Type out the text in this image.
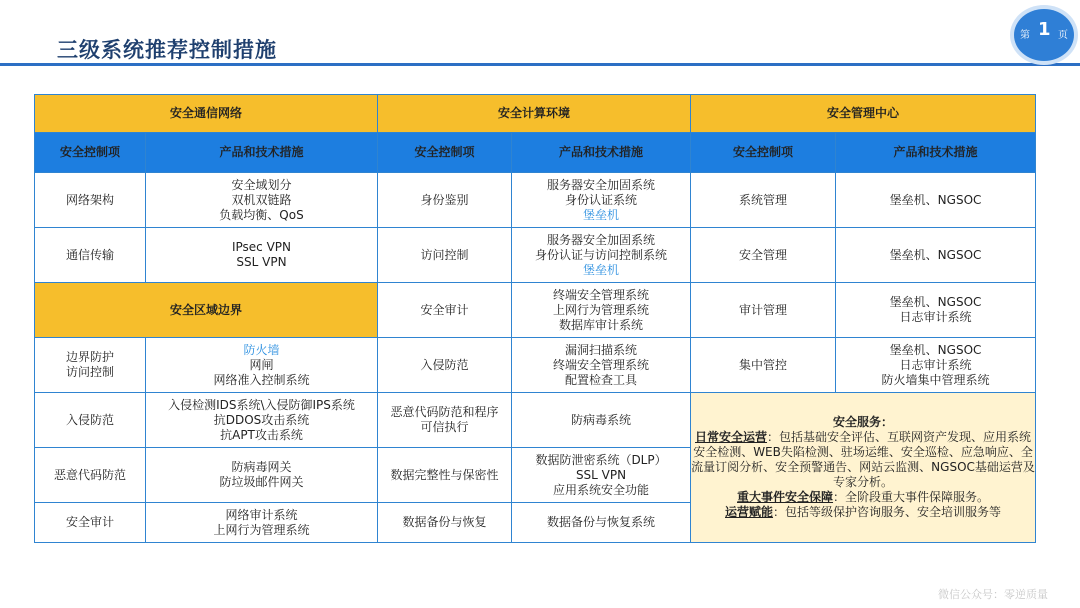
三级系统推荐控制措施
第 1 页
安全通信网络		安全计算环境		安全管理中心	
安全控制项	产品和技术措施	安全控制项	产品和技术措施	安全控制项	产品和技术措施
网络架构	安全域划分
双机双链路
负载均衡、QoS	身份鉴别	服务器安全加固系统
身份认证系统
堡垒机	系统管理	堡垒机、NGSOC

通信传输	IPsec VPN
SSL VPN	访问控制	服务器安全加固系统
身份认证与访问控制系统
堡垒机	安全管理	堡垒机、NGSOC

安全区域边界		安全审计	终端安全管理系统
上网行为管理系统
数据库审计系统	审计管理	堡垒机、NGSOC
日志审计系统

边界防护
访问控制	防火墙
网闸
网络准入控制系统	入侵防范	漏洞扫描系统
终端安全管理系统
配置检查工具	集中管控	堡垒机、NGSOC
日志审计系统
防火墙集中管理系统

入侵防范	入侵检测IDS系统\入侵防御IPS系统
抗DDOS攻击系统
抗APT攻击系统	恶意代码防范和程序
可信执行	防病毒系统	安全服务：
日常安全运营：包括基础安全评估、互联网资产发现、应用系统安全检测、WEB失陷检测、驻场运维、安全巡检、应急响应、全流量订阅分析、安全预警通告、网站云监测、NGSOC基础运营及专家分析。
重大事件安全保障：全阶段重大事件保障服务。
运营赋能：包括等级保护咨询服务、安全培训服务等	
恶意代码防范	防病毒网关
防垃圾邮件网关	数据完整性与保密性	数据防泄密系统（DLP）
SSL VPN
应用系统安全功能		

安全审计	网络审计系统
上网行为管理系统	数据备份与恢复	数据备份与恢复系统		
微信公众号：零逆质量
